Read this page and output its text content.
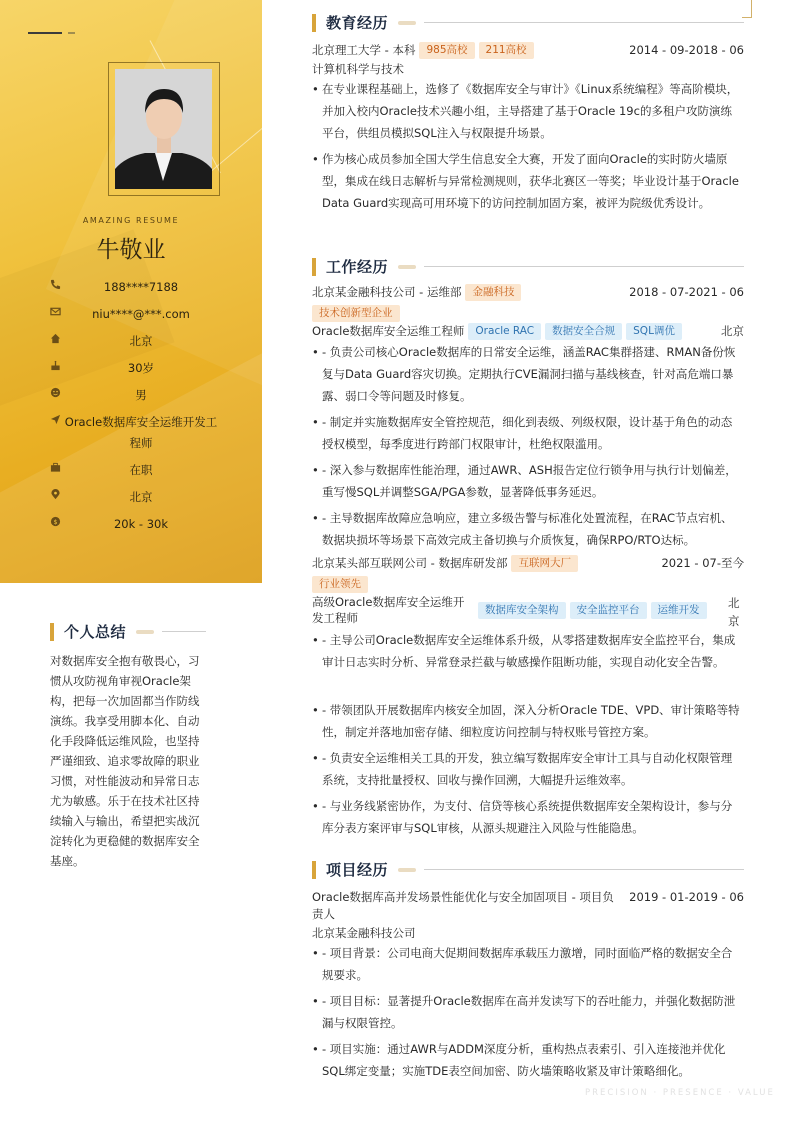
AMAZING RESUME
牛敬业
188****7188
niu****@***.com
北京
30岁
男
Oracle数据库安全运维开发工程师
在职
北京
$	20k - 30k
个人总结
对数据库安全抱有敬畏心，习惯从攻防视角审视Oracle架构，把每一次加固都当作防线演练。我享受用脚本化、自动化手段降低运维风险，也坚持严谨细致、追求零故障的职业习惯，对性能波动和异常日志尤为敏感。乐于在技术社区持续输入与输出，希望把实战沉淀转化为更稳健的数据库安全基座。
教育经历
北京理工大学 - 本科 985高校 211高校	2014 - 09-2018 - 06
计算机科学与技术
• 在专业课程基础上，选修了《数据库安全与审计》《Linux系统编程》等高阶模块，并加入校内Oracle技术兴趣小组，主导搭建了基于Oracle 19c的多租户攻防演练平台，供组员模拟SQL注入与权限提升场景。
• 作为核心成员参加全国大学生信息安全大赛，开发了面向Oracle的实时防火墙原型，集成在线日志解析与异常检测规则，获华北赛区一等奖；毕业设计基于Oracle Data Guard实现高可用环境下的访问控制加固方案，被评为院级优秀设计。
工作经历
北京某金融科技公司 - 运维部 金融科技	2018 - 07-2021 - 06
技术创新型企业
Oracle数据库安全运维工程师 Oracle RAC 数据安全合规 SQL调优	北京
• - 负责公司核心Oracle数据库的日常安全运维，涵盖RAC集群搭建、RMAN备份恢复与Data Guard容灾切换。定期执行CVE漏洞扫描与基线核查，针对高危端口暴露、弱口令等问题及时修复。
• - 制定并实施数据库安全管控规范，细化到表级、列级权限，设计基于角色的动态授权模型，每季度进行跨部门权限审计，杜绝权限滥用。
• - 深入参与数据库性能治理，通过AWR、ASH报告定位行锁争用与执行计划偏差，重写慢SQL并调整SGA/PGA参数，显著降低事务延迟。
• - 主导数据库故障应急响应，建立多级告警与标准化处置流程，在RAC节点宕机、数据块损坏等场景下高效完成主备切换与介质恢复，确保RPO/RTO达标。
北京某头部互联网公司 - 数据库研发部 互联网大厂	2021 - 07-至今
行业领先
高级Oracle数据库安全运维开发工程师数据库安全架构 安全监控平台 运维开发 北京
• - 主导公司Oracle数据库安全运维体系升级，从零搭建数据库安全监控平台，集成审计日志实时分析、异常登录拦截与敏感操作阻断功能，实现自动化安全告警。
• - 带领团队开展数据库内核安全加固，深入分析Oracle TDE、VPD、审计策略等特性，制定并落地加密存储、细粒度访问控制与特权账号管控方案。
• - 负责安全运维相关工具的开发，独立编写数据库安全审计工具与自动化权限管理系统，支持批量授权、回收与操作回溯，大幅提升运维效率。
• - 与业务线紧密协作，为支付、信贷等核心系统提供数据库安全架构设计，参与分库分表方案评审与SQL审核，从源头规避注入风险与性能隐患。
项目经历
Oracle数据库高并发场景性能优化与安全加固项目 - 项目负责人
2019 - 01-2019 - 06
北京某金融科技公司
• - 项目背景：公司电商大促期间数据库承载压力激增，同时面临严格的数据安全合规要求。
• - 项目目标：显著提升Oracle数据库在高并发读写下的吞吐能力，并强化数据防泄漏与权限管控。
• - 项目实施：通过AWR与ADDM深度分析，重构热点表索引、引入连接池并优化SQL绑定变量；实施TDE表空间加密、防火墙策略收紧及审计策略细化。
PRECISION · PRESENCE · VALUE
